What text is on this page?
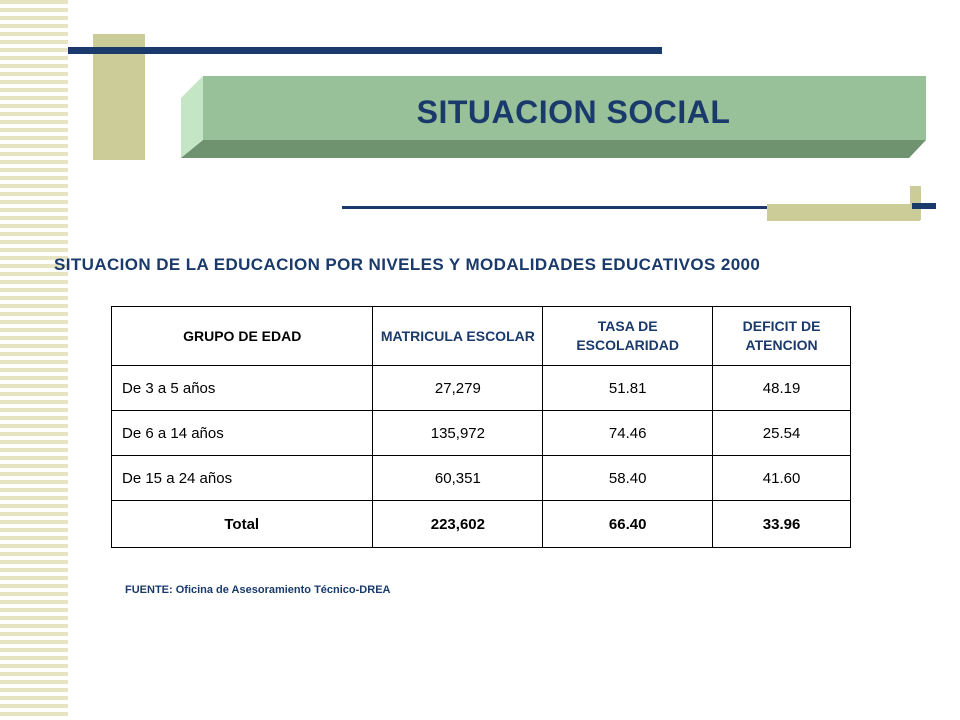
SITUACION SOCIAL
SITUACION DE LA EDUCACION POR NIVELES Y MODALIDADES EDUCATIVOS 2000
GRUPO DE EDAD	MATRICULA ESCOLAR	TASA DE ESCOLARIDAD	DEFICIT DE ATENCION
De 3 a 5 años	27,279	51.81	48.19
De 6 a 14 años	135,972	74.46	25.54
De 15 a 24 años	60,351	58.40	41.60
Total	223,602	66.40	33.96
FUENTE: Oficina de Asesoramiento Técnico-DREA
